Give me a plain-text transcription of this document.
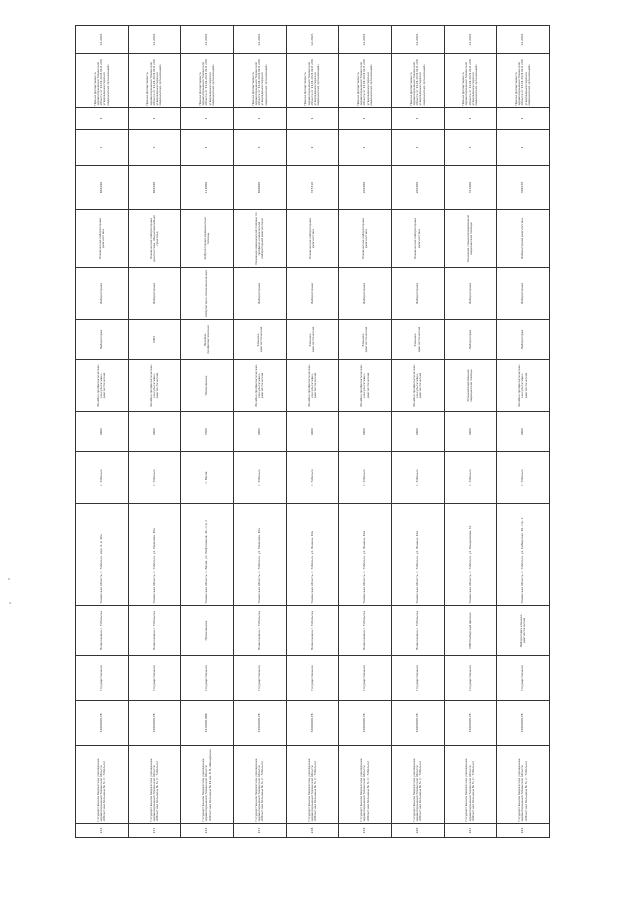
214	Государственное бюджетное учреждение здравоохранения Тюменской области «Областная больница № 3» (г. Тобольск)	7206000178	Государственное	Поликлиника г. Тобольска	Тюменская область, г. Тобольск, мкр. 4, д. 10а	г. Тобольск	4400	Лечебно-профилактическая, консультативно-диагностическая	Лаборатория	Лабораторная	Клиническая лабораторная диагностика	866190	2	1	Приказ Департамента здравоохранения Тюменской области от 11.01.2021 № 8 «Об утверждении перечня медицинских организаций»	12.2021
215	Государственное бюджетное учреждение здравоохранения Тюменской области «Областная больница № 3» (г. Тобольск)	7206000178	Государственное	Поликлиника г. Тобольска	Тюменская область, г. Тобольск, ул. Ремезова, 10а	г. Тобольск	4400	Лечебно-профилактическая, консультативно-диагностическая	ОБП	Лабораторная	Клиническая лабораторная диагностика, общая врачебная практика	866190	2	1	Приказ Департамента здравоохранения Тюменской области от 11.01.2021 № 8 «Об утверждении перечня медицинских организаций»	12.2021
216	Государственное бюджетное учреждение здравоохранения Тюменской области «Областная больница № 14 им. В.Н. Шанаурина»	7216001989	Государственное	Поликлиника	Тюменская область, с. Вагай, ул. Нефтяников, 10, стр. 2	с. Вагай	3300	Поликлиника	Лечебно-профилактическая	Амбулаторно-поликлиническая	Амбулаторная медицинская помощь	112000	1	1	Приказ Департамента здравоохранения Тюменской области от 11.01.2021 № 8 «Об утверждении перечня медицинских организаций»	12.2021
217	Государственное бюджетное учреждение здравоохранения Тюменской области «Областная больница № 3» (г. Тобольск)	7206000178	Государственное	Поликлиника г. Тобольска	Тюменская область, г. Тобольск, ул. Ремезова, 10а	г. Тобольск	4400	Лечебно-профилактическая, консультативно-диагностическая	Клинико-диагностическая	Лабораторная	Оказание медицинской помощи по профилю клинической лабораторной диагностики	866000	3	1	Приказ Департамента здравоохранения Тюменской области от 11.01.2021 № 8 «Об утверждении перечня медицинских организаций»	12.2021
218	Государственное бюджетное учреждение здравоохранения Тюменской области «Областная больница № 3» (г. Тобольск)	7206000178	Государственное	Поликлиника г. Тобольска	Тюменская область, г. Тобольск, ул. Ленина, 10а	г. Тобольск	4400	Лечебно-профилактическая, консультативно-диагностическая	Клинико-диагностическая	Лабораторная	Клиническая лабораторная диагностика	375310	1	1	Приказ Департамента здравоохранения Тюменской области от 11.01.2021 № 8 «Об утверждении перечня медицинских организаций»	12.2021
219	Государственное бюджетное учреждение здравоохранения Тюменской области «Областная больница № 3» (г. Тобольск)	7206000178	Государственное	Поликлиника г. Тобольска	Тюменская область, г. Тобольск, ул. Ленина, 10а	г. Тобольск	4400	Лечебно-профилактическая, консультативно-диагностическая	Клинико-диагностическая	Лабораторная	Клиническая лабораторная диагностика	291000	1	1	Приказ Департамента здравоохранения Тюменской области от 11.01.2021 № 8 «Об утверждении перечня медицинских организаций»	12.2021
220	Государственное бюджетное учреждение здравоохранения Тюменской области «Областная больница № 3» (г. Тобольск)	7206000178	Государственное	Поликлиника г. Тобольска	Тюменская область, г. Тобольск, ул. Ленина, 10а	г. Тобольск	4400	Лечебно-профилактическая, консультативно-диагностическая	Клинико-диагностическая	Лабораторная	Клиническая лабораторная диагностика	291000	1	1	Приказ Департамента здравоохранения Тюменской области от 11.01.2021 № 8 «Об утверждении перечня медицинских организаций»	12.2021
221	Государственное бюджетное учреждение здравоохранения Тюменской области «Областная больница № 3» (г. Тобольск)	7206000178	Государственное	МФП Сибирский филиал	Тюменская область, г. Тобольск, ул. Менделеева, 12	г. Тобольск	4400	Специализированная медицинская помощь	Лаборатория	Лабораторная	Оказание специализированной медицинской помощи	311000	3	1	Приказ Департамента здравоохранения Тюменской области от 11.01.2021 № 8 «Об утверждении перечня медицинских организаций»	12.2021
222	Государственное бюджетное учреждение здравоохранения Тюменской области «Областная больница № 3» (г. Тобольск)	7206000178	Государственное	Лаборатория клинико-диагностическая	Тюменская область, г. Тобольск, ул. Сибирская, 19, стр. 2	г. Тобольск	4400	Лечебно-профилактическая, консультативно-диагностическая	Лаборатория	Лабораторная	Лабораторная диагностика	309170	1	1	Приказ Департамента здравоохранения Тюменской области от 11.01.2021 № 8 «Об утверждении перечня медицинских организаций»	12.2021
